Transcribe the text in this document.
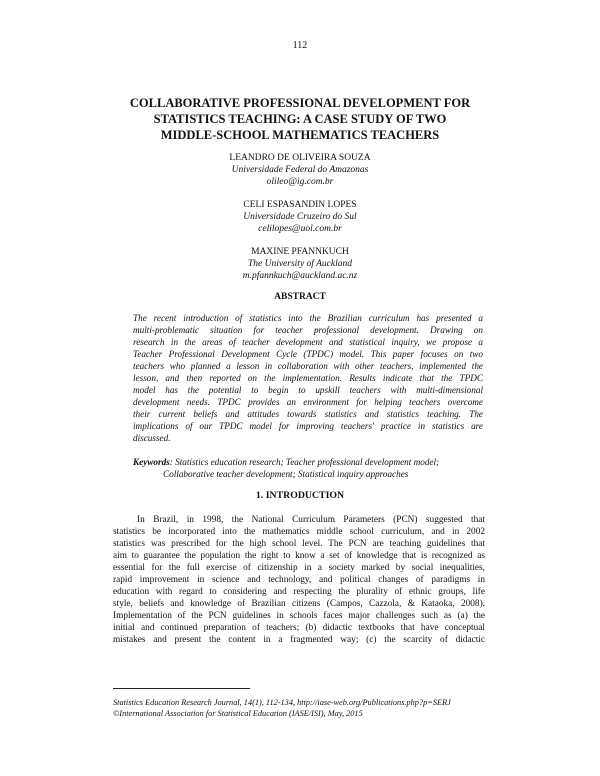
112
COLLABORATIVE PROFESSIONAL DEVELOPMENT FOR
STATISTICS TEACHING: A CASE STUDY OF TWO
MIDDLE-SCHOOL MATHEMATICS TEACHERS
LEANDRO DE OLIVEIRA SOUZA
Universidade Federal do Amazonas
olileo@ig.com.br
CELI ESPASANDIN LOPES
Universidade Cruzeiro do Sul
celilopes@uol.com.br
MAXINE PFANNKUCH
The University of Auckland
m.pfannkuch@auckland.ac.nz
ABSTRACT
The recent introduction of statistics into the Brazilian curriculum has presented a
multi-problematic situation for teacher professional development. Drawing on
research in the areas of teacher development and statistical inquiry, we propose a
Teacher Professional Development Cycle (TPDC) model. This paper focuses on two
teachers who planned a lesson in collaboration with other teachers, implemented the
lesson, and then reported on the implementation. Results indicate that the TPDC
model has the potential to begin to upskill teachers with multi-dimensional
development needs. TPDC provides an environment for helping teachers overcome
their current beliefs and attitudes towards statistics and statistics teaching. The
implications of our TPDC model for improving teachers' practice in statistics are
discussed.
Keywords: Statistics education research; Teacher professional development model;
Collaborative teacher development; Statistical inquiry approaches
1. INTRODUCTION
In Brazil, in 1998, the National Curriculum Parameters (PCN) suggested that
statistics be incorporated into the mathematics middle school curriculum, and in 2002
statistics was prescribed for the high school level. The PCN are teaching guidelines that
aim to guarantee the population the right to know a set of knowledge that is recognized as
essential for the full exercise of citizenship in a society marked by social inequalities,
rapid improvement in science and technology, and political changes of paradigms in
education with regard to considering and respecting the plurality of ethnic groups, life
style, beliefs and knowledge of Brazilian citizens (Campos, Cazzola, & Kataoka, 2008).
Implementation of the PCN guidelines in schools faces major challenges such as (a) the
initial and continued preparation of teachers; (b) didactic textbooks that have conceptual
mistakes and present the content in a fragmented way; (c) the scarcity of didactic
Statistics Education Research Journal, 14(1), 112-134, http://iase-web.org/Publications.php?p=SERJ
©International Association for Statistical Education (IASE/ISI), May, 2015
